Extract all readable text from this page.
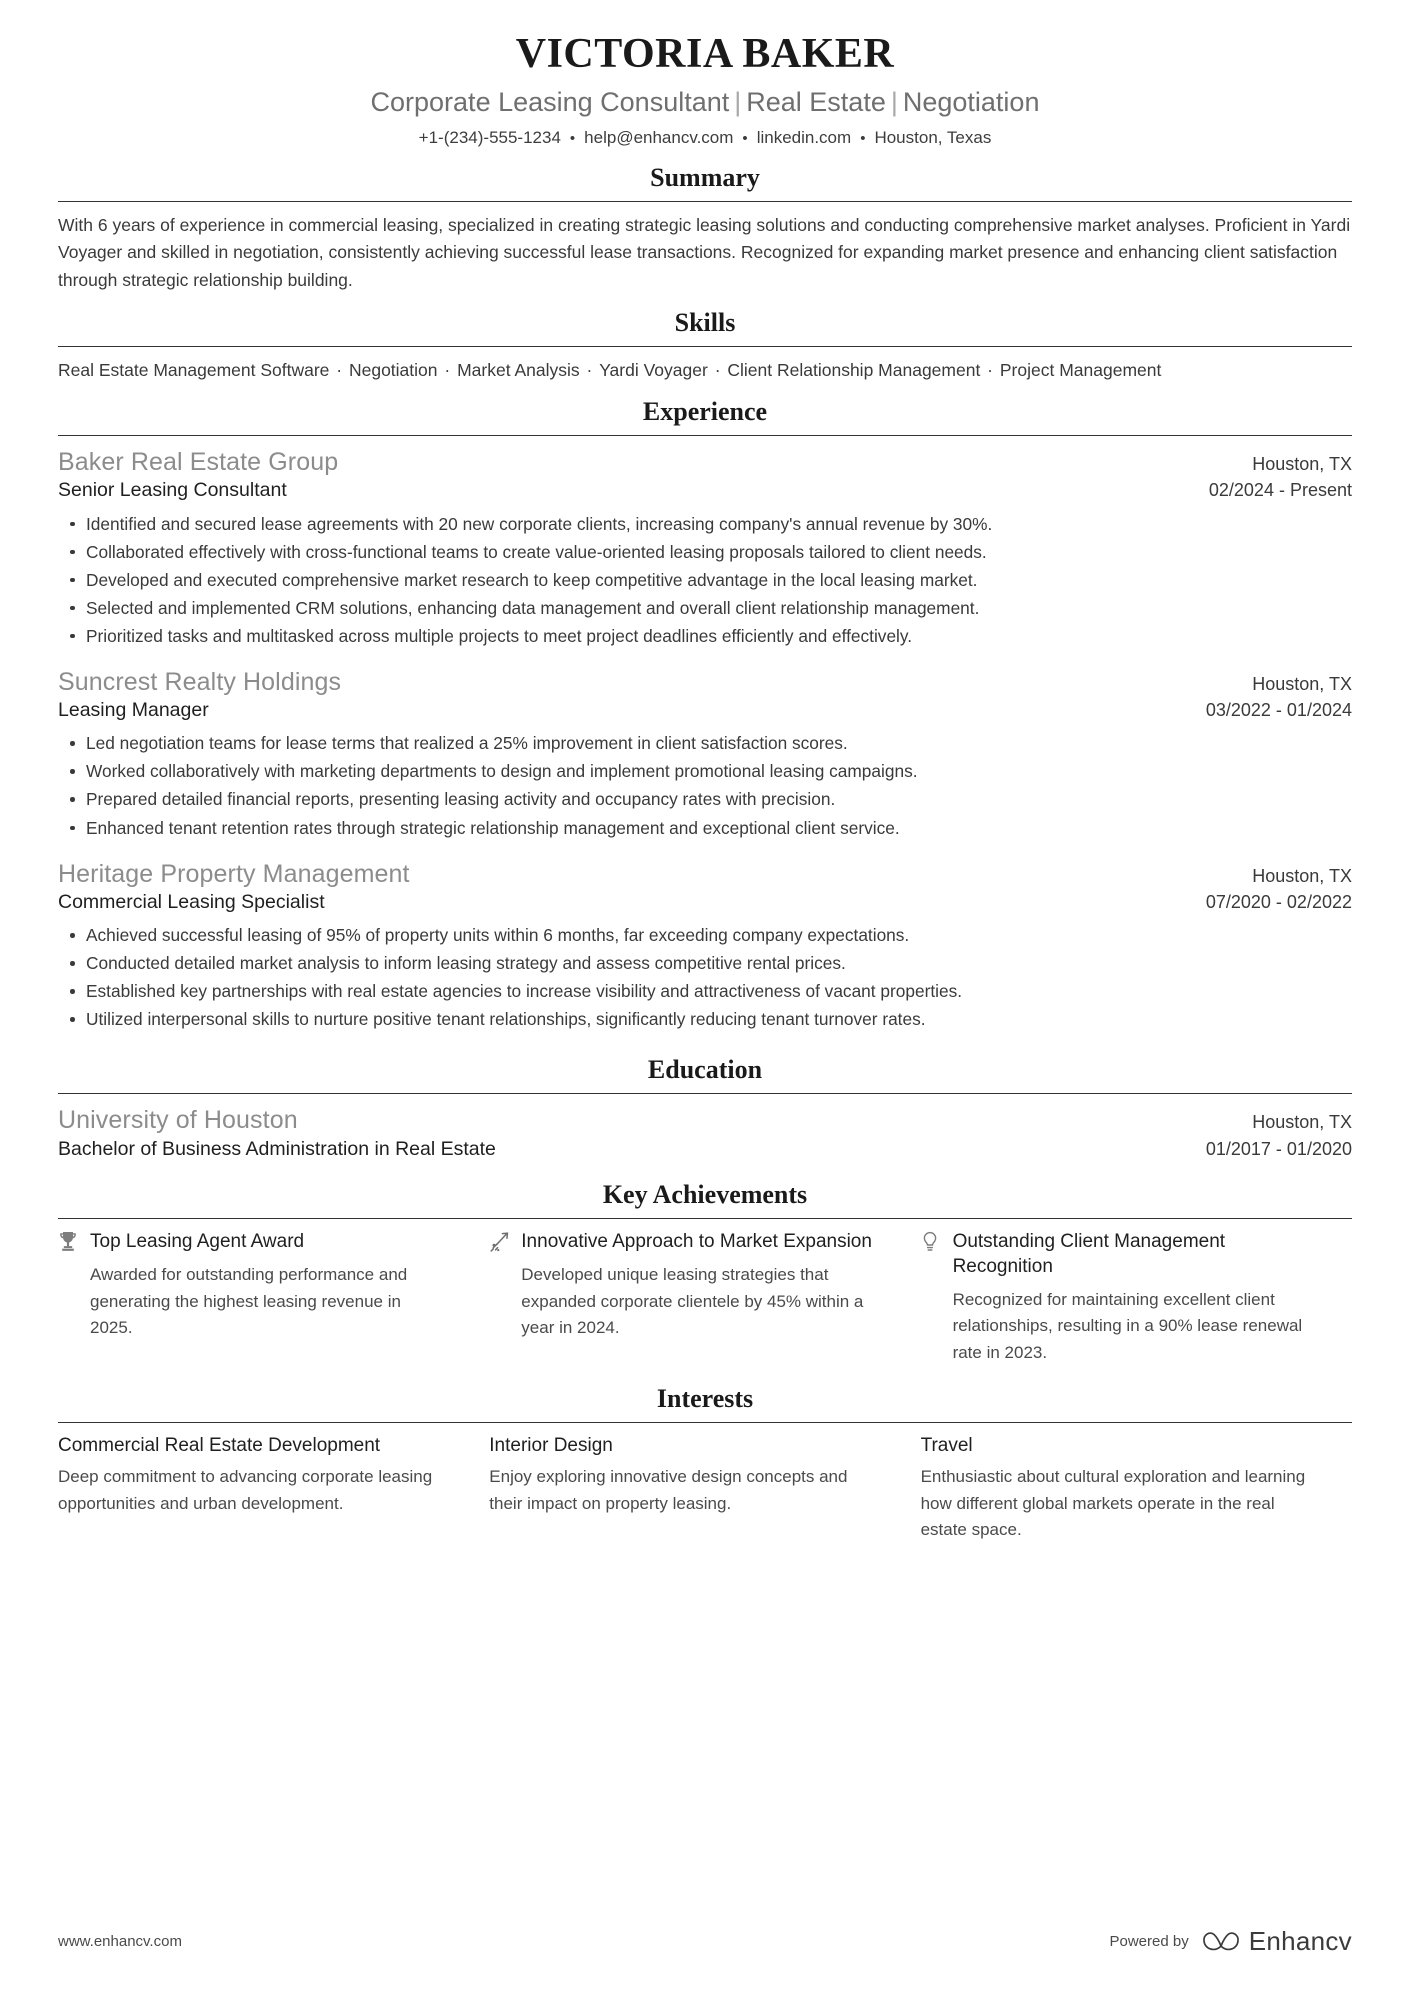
VICTORIA BAKER
Corporate Leasing Consultant | Real Estate | Negotiation
+1-(234)-555-1234 • help@enhancv.com • linkedin.com • Houston, Texas
Summary
With 6 years of experience in commercial leasing, specialized in creating strategic leasing solutions and conducting comprehensive market analyses. Proficient in Yardi Voyager and skilled in negotiation, consistently achieving successful lease transactions. Recognized for expanding market presence and enhancing client satisfaction through strategic relationship building.
Skills
Real Estate Management Software · Negotiation · Market Analysis · Yardi Voyager · Client Relationship Management · Project Management
Experience
Baker Real Estate Group	Houston, TX
Senior Leasing Consultant	02/2024 - Present
Identified and secured lease agreements with 20 new corporate clients, increasing company's annual revenue by 30%.
Collaborated effectively with cross-functional teams to create value-oriented leasing proposals tailored to client needs.
Developed and executed comprehensive market research to keep competitive advantage in the local leasing market.
Selected and implemented CRM solutions, enhancing data management and overall client relationship management.
Prioritized tasks and multitasked across multiple projects to meet project deadlines efficiently and effectively.
Suncrest Realty Holdings	Houston, TX
Leasing Manager	03/2022 - 01/2024
Led negotiation teams for lease terms that realized a 25% improvement in client satisfaction scores.
Worked collaboratively with marketing departments to design and implement promotional leasing campaigns.
Prepared detailed financial reports, presenting leasing activity and occupancy rates with precision.
Enhanced tenant retention rates through strategic relationship management and exceptional client service.
Heritage Property Management	Houston, TX
Commercial Leasing Specialist	07/2020 - 02/2022
Achieved successful leasing of 95% of property units within 6 months, far exceeding company expectations.
Conducted detailed market analysis to inform leasing strategy and assess competitive rental prices.
Established key partnerships with real estate agencies to increase visibility and attractiveness of vacant properties.
Utilized interpersonal skills to nurture positive tenant relationships, significantly reducing tenant turnover rates.
Education
University of Houston	Houston, TX
Bachelor of Business Administration in Real Estate	01/2017 - 01/2020
Key Achievements
Top Leasing Agent Award
Awarded for outstanding performance and generating the highest leasing revenue in 2025.
Innovative Approach to Market Expansion
Developed unique leasing strategies that expanded corporate clientele by 45% within a year in 2024.
Outstanding Client Management Recognition
Recognized for maintaining excellent client relationships, resulting in a 90% lease renewal rate in 2023.
Interests
Commercial Real Estate Development
Deep commitment to advancing corporate leasing opportunities and urban development.
Interior Design
Enjoy exploring innovative design concepts and their impact on property leasing.
Travel
Enthusiastic about cultural exploration and learning how different global markets operate in the real estate space.
www.enhancv.com	Powered by Enhancv
